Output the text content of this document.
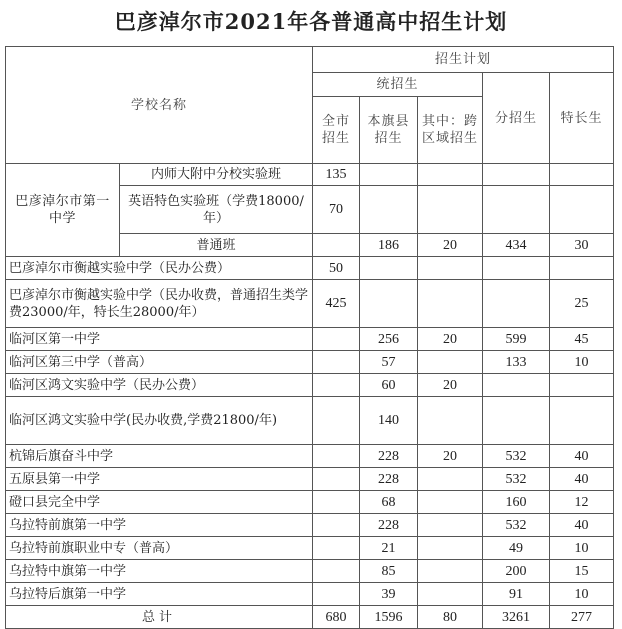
巴彦淖尔市2021年各普通高中招生计划
学校名称		招生计划				
		统招生			分招生	特长生
		全市招生	本旗县招生	其中：跨区域招生		
巴彦淖尔市第一中学	内师大附中分校实验班	135				
	英语特色实验班（学费18000/年）	70				
	普通班		186	20	434	30
巴彦淖尔市衡越实验中学（民办公费）		50				
巴彦淖尔市衡越实验中学（民办收费，普通招生类学费23000/年，特长生28000/年）		425				25
临河区第一中学			256	20	599	45
临河区第三中学（普高）			57		133	10
临河区鸿文实验中学（民办公费）			60	20		
临河区鸿文实验中学(民办收费,学费21800/年)			140			
杭锦后旗奋斗中学			228	20	532	40
五原县第一中学			228		532	40
磴口县完全中学			68		160	12
乌拉特前旗第一中学			228		532	40
乌拉特前旗职业中专（普高）			21		49	10
乌拉特中旗第一中学			85		200	15
乌拉特后旗第一中学			39		91	10
总计		680	1596	80	3261	277
